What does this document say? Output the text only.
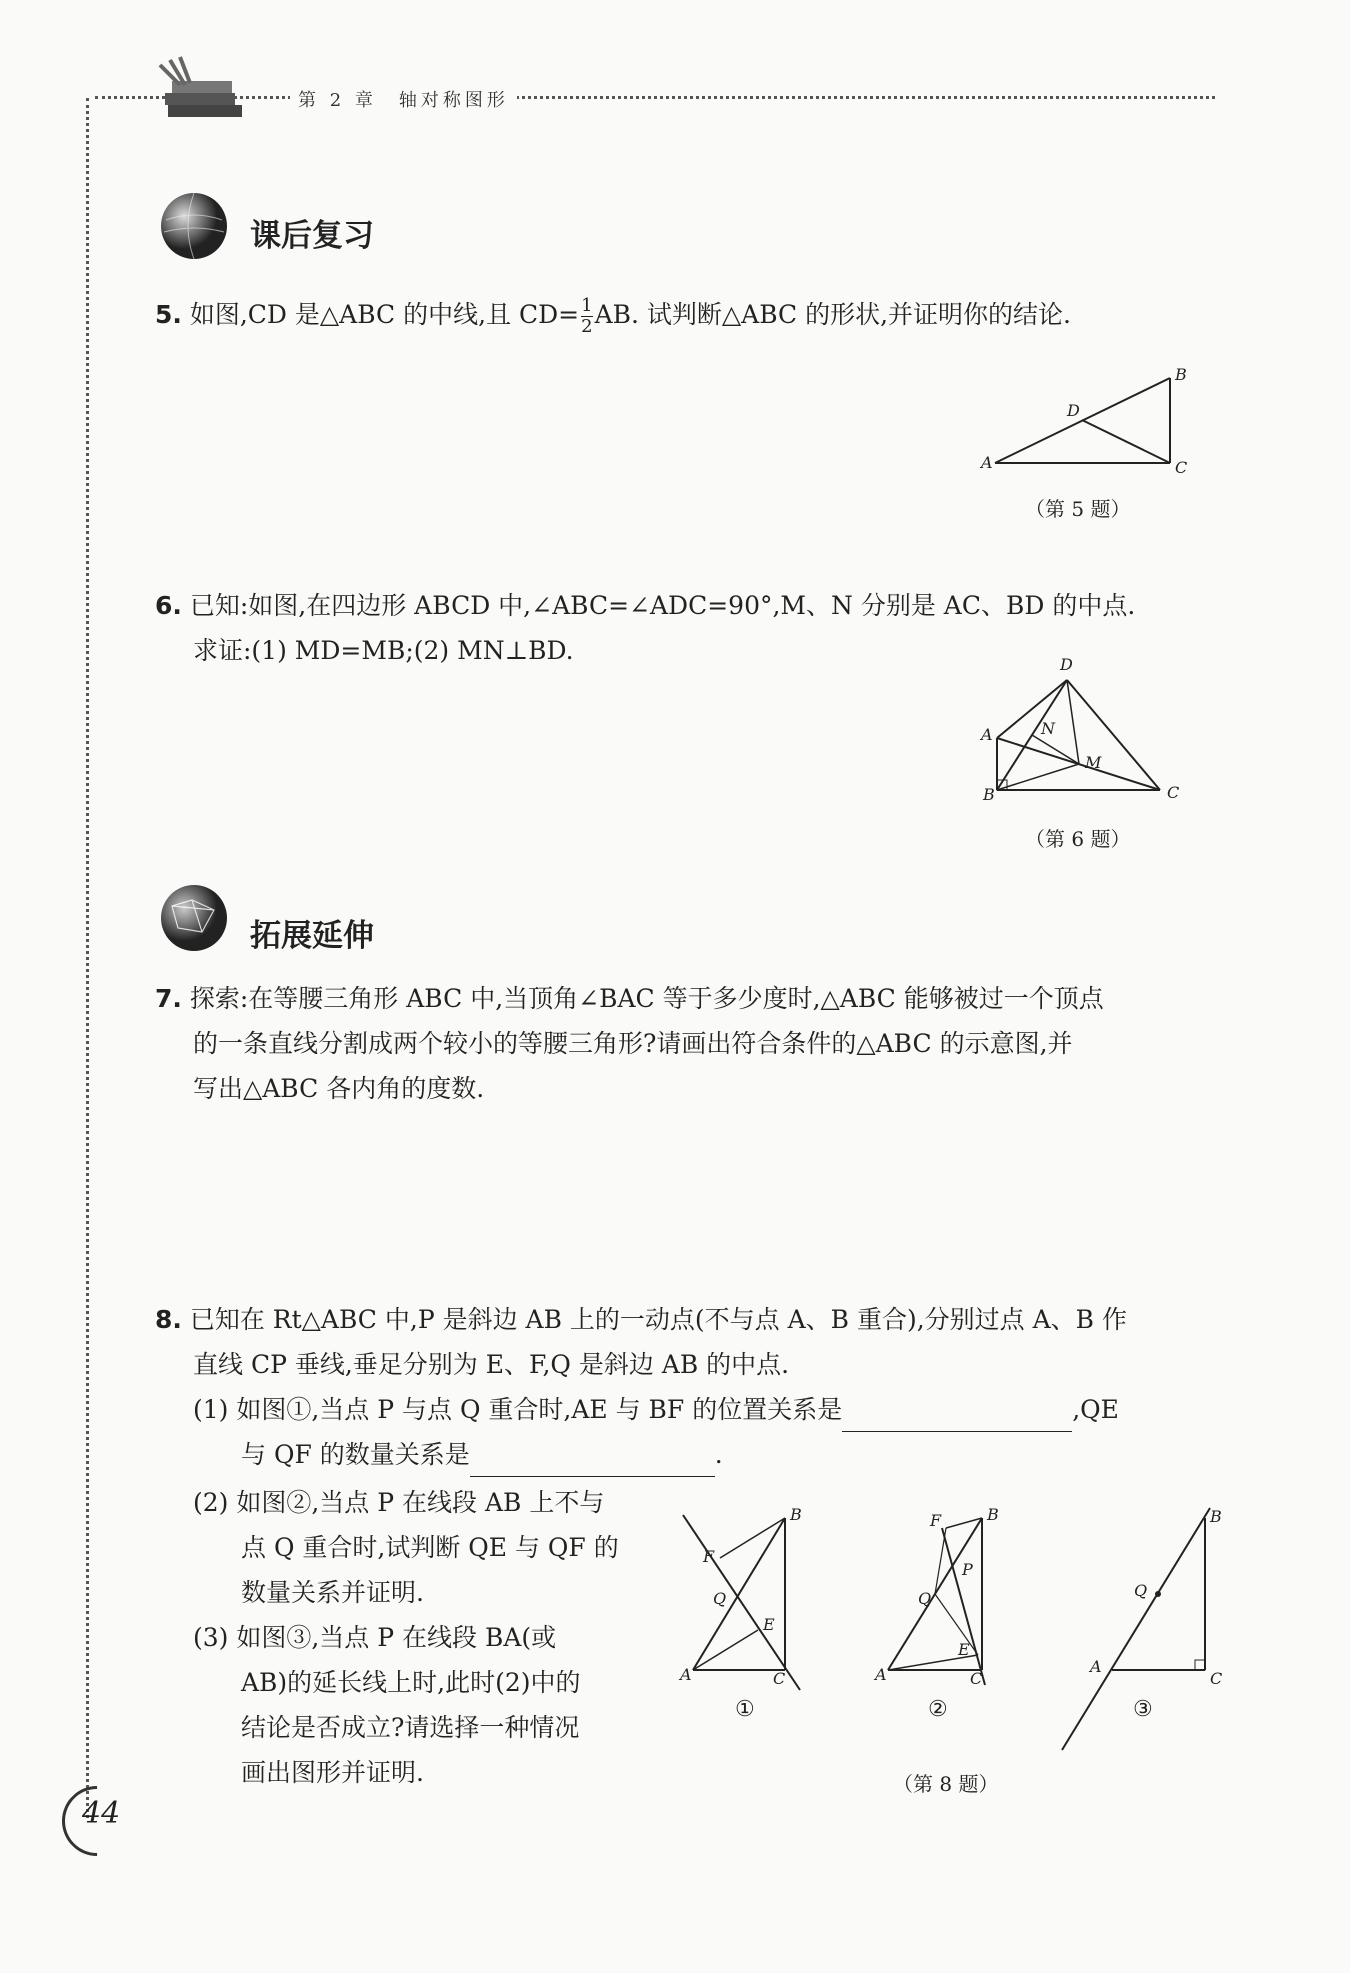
第 2 章　轴对称图形
课后复习
5. 如图,CD 是△ABC 的中线,且 $CD= \frac{1}{2}$ AB. 试判断△ABC 的形状,并证明你的结论.
A
B
C
D
（第 5 题）
6. 已知:如图,在四边形 ABCD 中,∠ABC=∠ADC=90°,M、N 分别是 AC、BD 的中点.
求证:(1) MD=MB;(2) MN⊥BD.
A
B	C
D
M
N
（第 6 题）
拓展延伸
7. 探索:在等腰三角形 ABC 中,当顶角∠BAC 等于多少度时,△ABC 能够被过一个顶点
的一条直线分割成两个较小的等腰三角形?请画出符合条件的△ABC 的示意图,并
写出△ABC 各内角的度数.
8. 已知在 Rt△ABC 中,P 是斜边 AB 上的一动点(不与点 A、B 重合),分别过点 A、B 作
直线 CP 垂线,垂足分别为 E、F,Q 是斜边 AB 的中点.
(1) 如图①,当点 P 与点 Q 重合时,AE 与 BF 的位置关系是	,QE
与 QF 的数量关系是	.
(2) 如图②,当点 P 在线段 AB 上不与
点 Q 重合时,试判断 QE 与 QF 的
数量关系并证明.
(3) 如图③,当点 P 在线段 BA(或
AB)的延长线上时,此时(2)中的
结论是否成立?请选择一种情况
画出图形并证明.
A
B
C
E
F
Q
A
B
C
E
F
P
Q
A
B
C
Q
①	②	③
（第 8 题）
44
